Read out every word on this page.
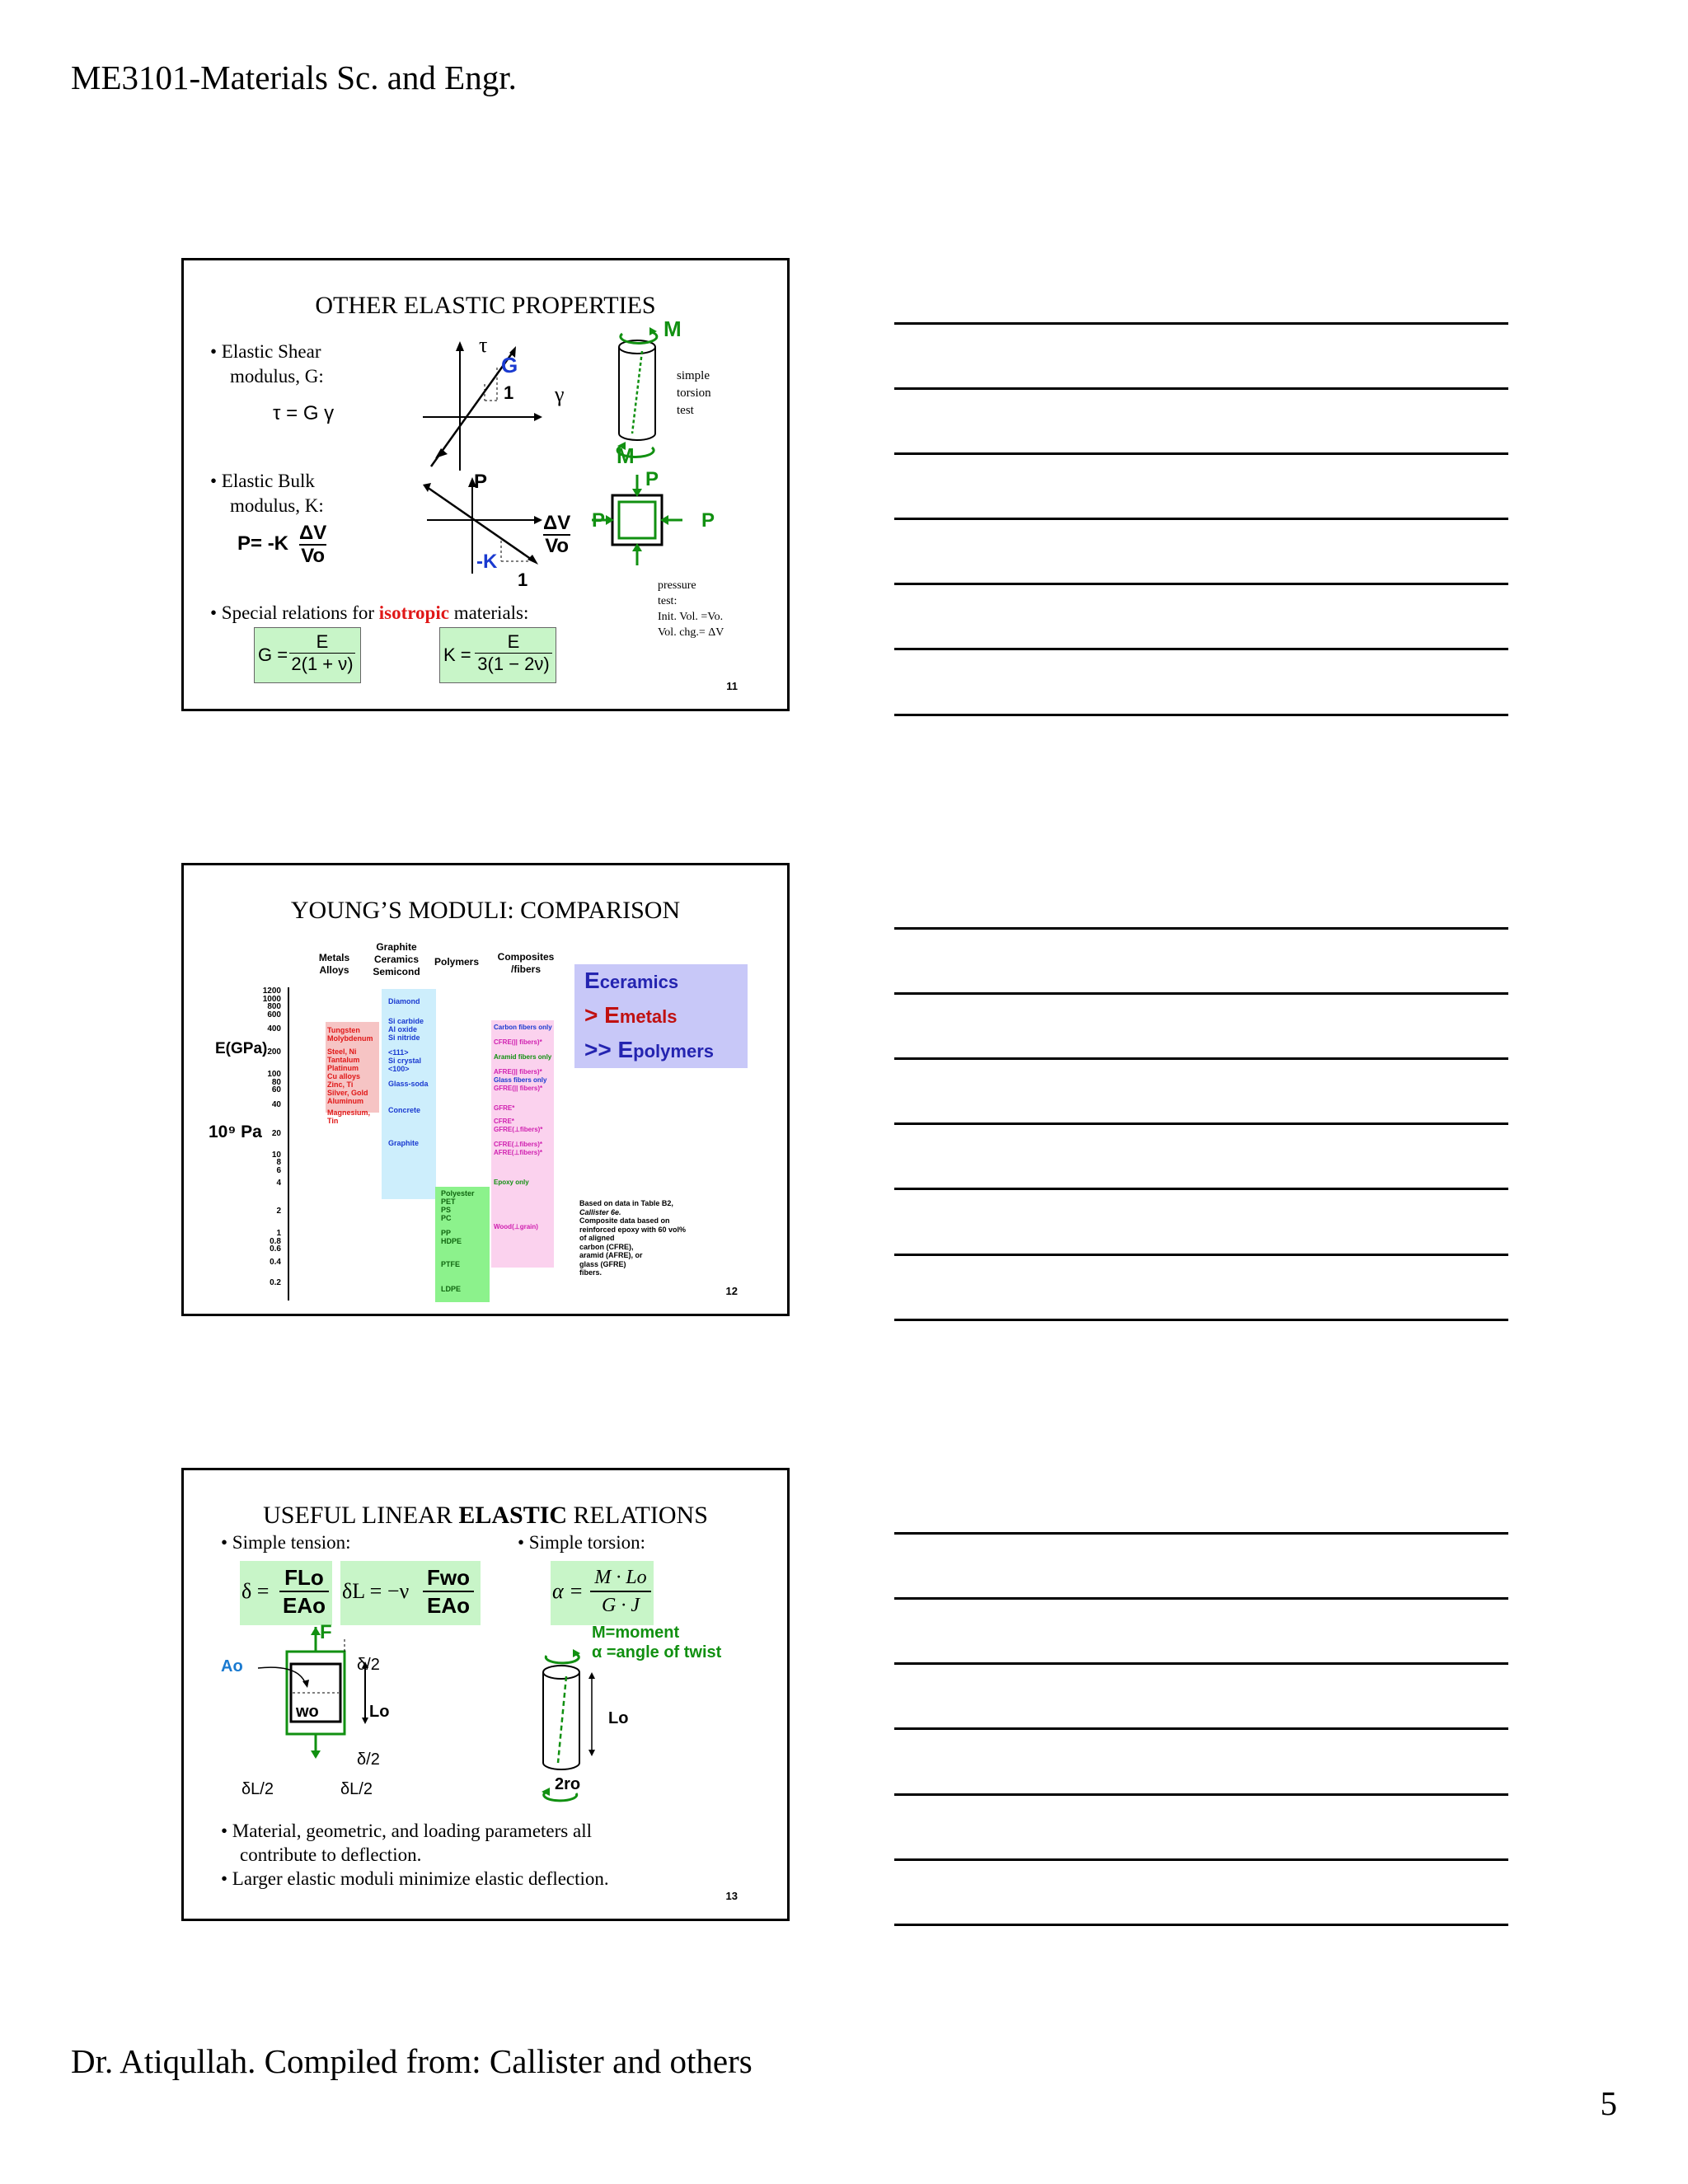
ME3101-Materials Sc. and Engr.
OTHER ELASTIC PROPERTIES
• Elastic Shear
modulus, G:
τ = G γ
τ
γ
G
1
M
M
simple
torsion
test
• Elastic Bulk
modulus, K:
P= -K ΔV
Vo
P
ΔV
Vo
-K
1
P
P	P
pressure
test:
Init. Vol. =Vo.
Vol. chg.= ΔV
• Special relations for isotropic materials:
G =
E
2(1 + ν)	K =
E
3(1 − 2ν)
11
YOUNG’S MODULI: COMPARISON
Metals Alloys
Graphite Ceramics Semicond
Polymers	Composites /fibers
E(GPa)
10⁹ Pa
1200
1000
800
600
400
200
100
80
60
40
20
10
8
6
4
2
1
0.8
0.6
0.4
0.2
Tungsten
Molybdenum
Steel, Ni
Tantalum
Platinum
Cu alloys
Zinc, Ti
Silver, Gold
Aluminum
Magnesium,
Tin
Diamond
Si carbide
Al oxide
Si nitride
<111>
Si crystal
<100>
Glass-soda
Concrete
Graphite
Polyester
PET
PS
PC
PP
HDPE
PTFE
LDPE
Carbon fibers only
CFRE(|| fibers)*
Aramid fibers only
AFRE(|| fibers)*
Glass fibers only
GFRE(|| fibers)*
GFRE*
CFRE*
GFRE(⊥fibers)*
CFRE(⊥fibers)*
AFRE(⊥fibers)*
Epoxy only
Wood(⊥grain)
Eceramics
> Emetals
>> Epolymers
Based on data in Table B2,
Callister 6e.
Composite data based on
reinforced epoxy with 60 vol%
of aligned
carbon (CFRE),
aramid (AFRE), or
glass (GFRE)
fibers.
12
USEFUL LINEAR ELASTIC RELATIONS
• Simple tension:	• Simple torsion:
δ =
FLo
EAo
δL = −ν
Fwo
EAo
α =
M · Lo
G · J
F
Ao
wo	Lo
δ/2
δ/2
δL/2	δL/2
M=moment
α =angle of twist
Lo
2ro
• Material, geometric, and loading parameters all
contribute to deflection.
• Larger elastic moduli minimize elastic deflection.
13
Dr. Atiqullah. Compiled from: Callister and others
5
